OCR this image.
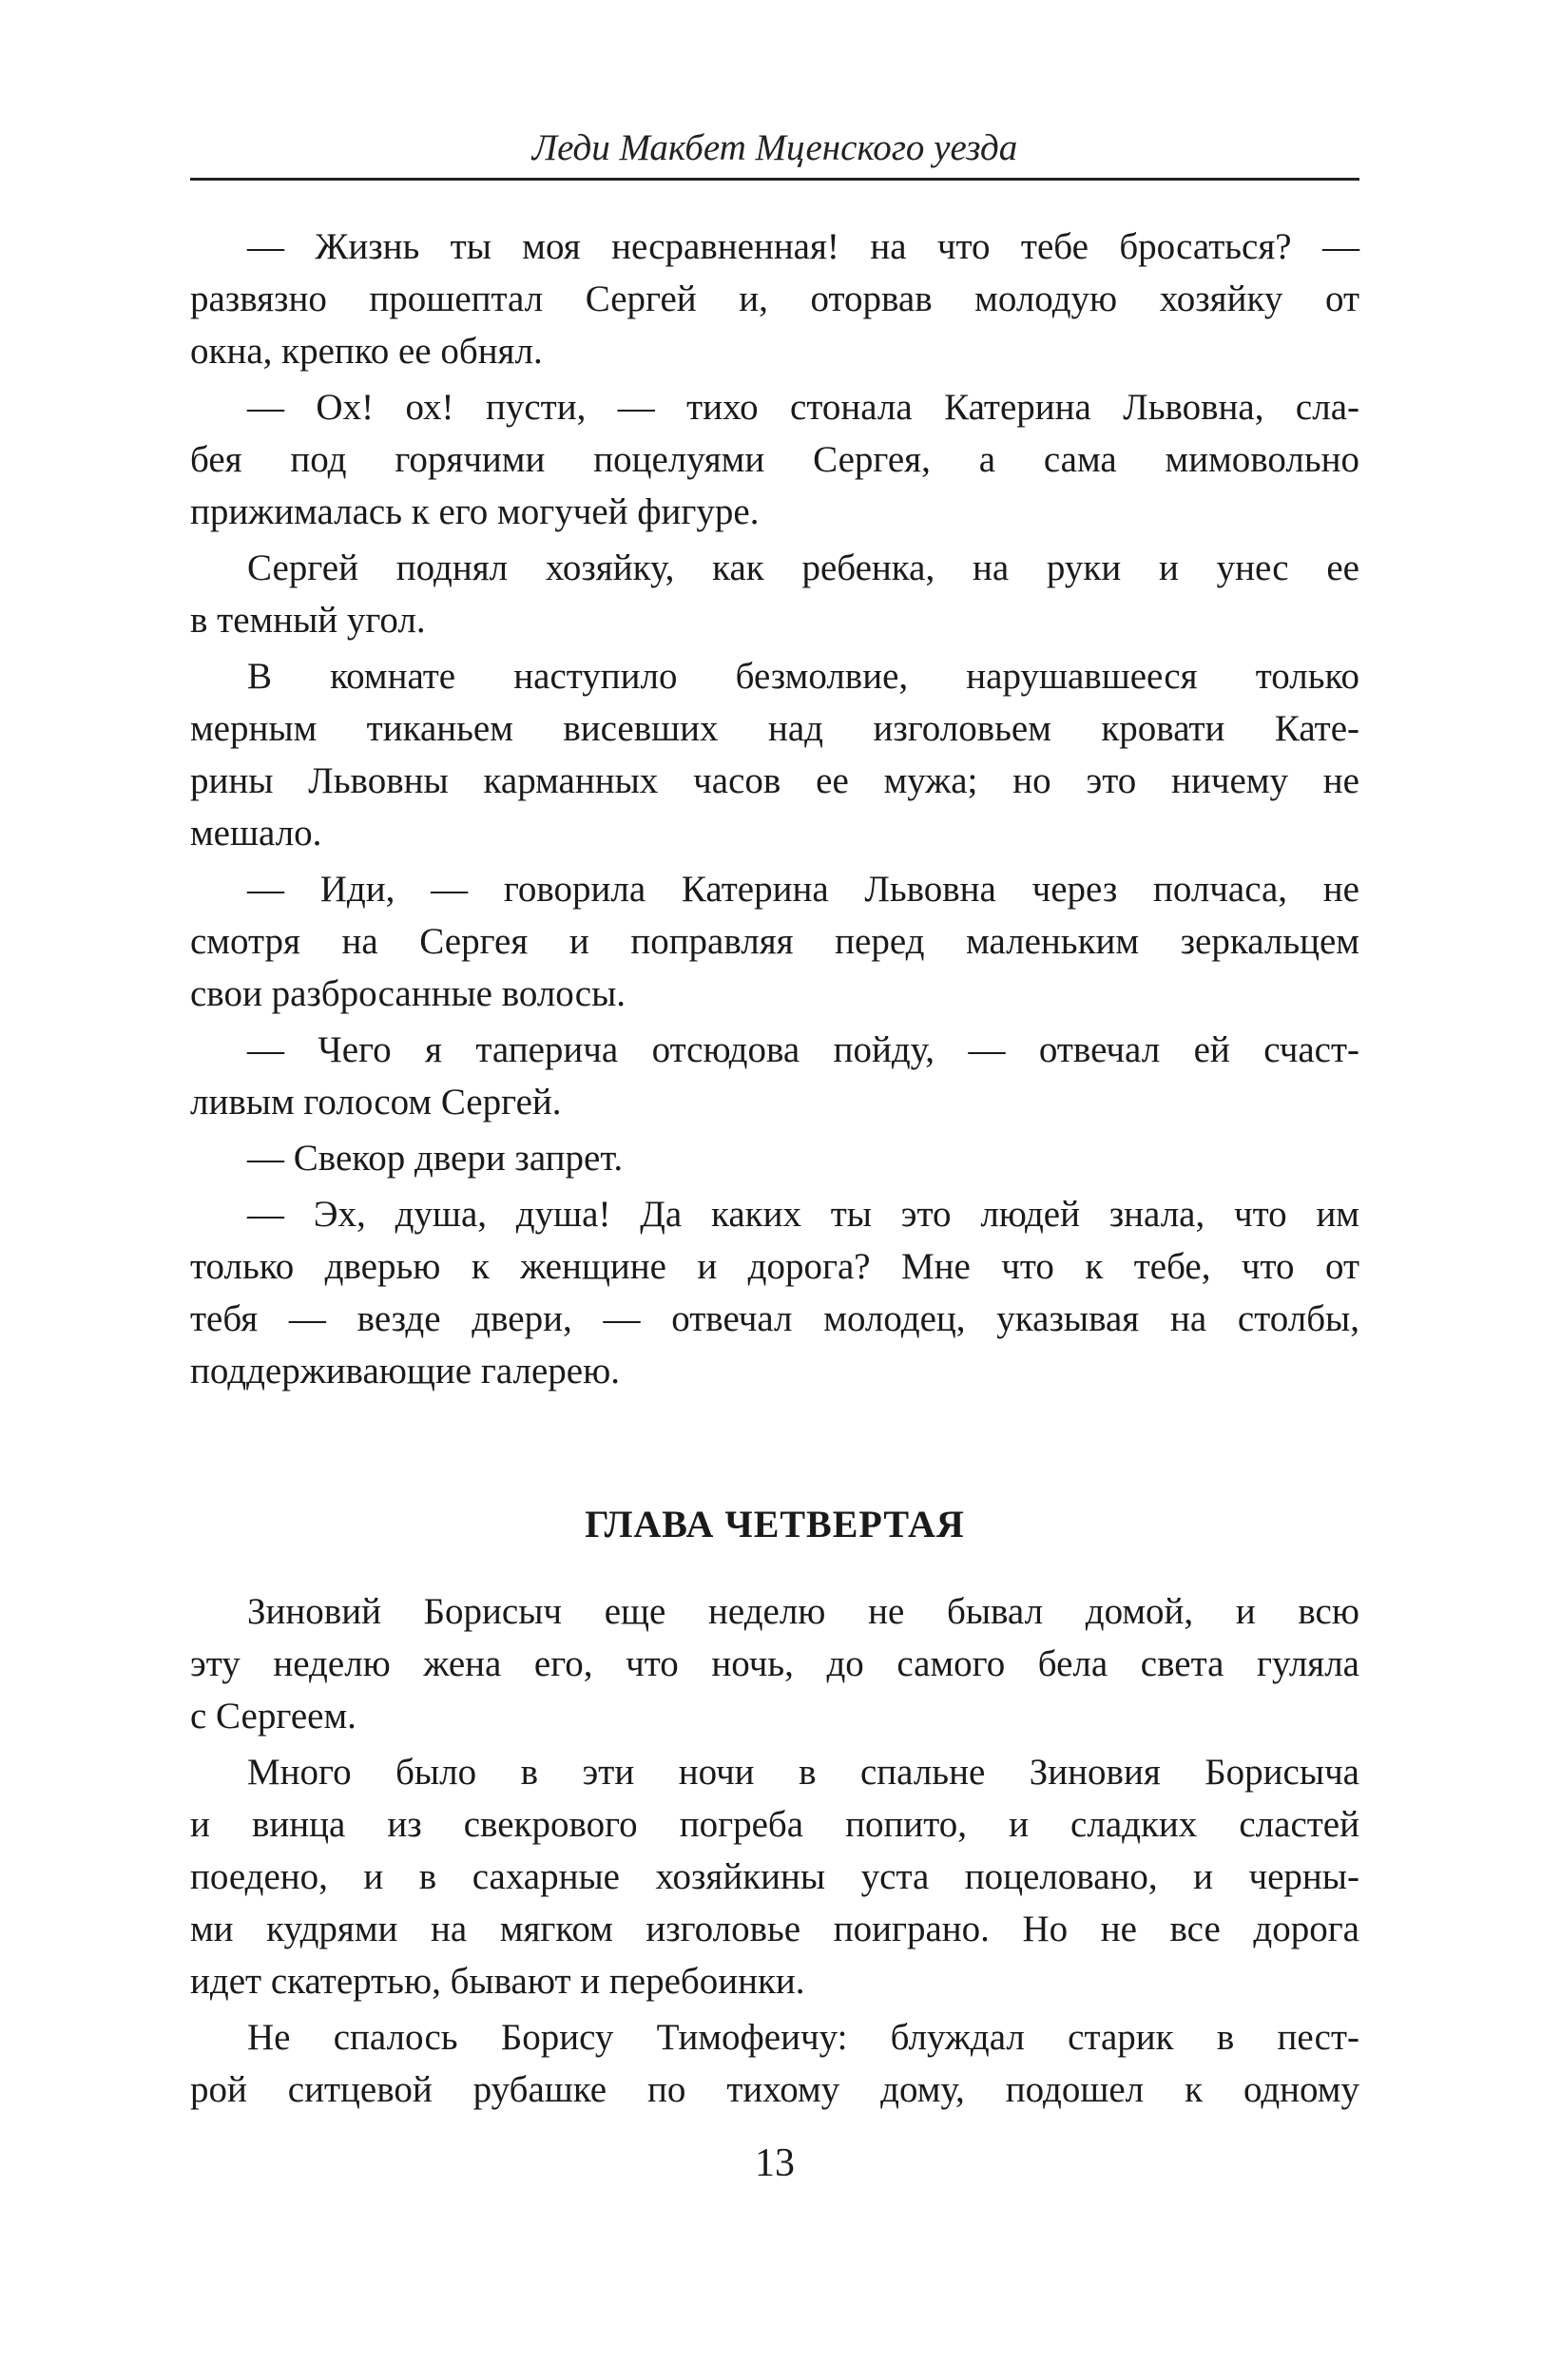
Леди Макбет Мценского уезда
— Жизнь ты моя несравненная! на что тебе бросаться? —
развязно прошептал Сергей и, оторвав молодую хозяйку от
окна, крепко ее обнял.
— Ох! ох! пусти, — тихо стонала Катерина Львовна, сла-
бея под горячими поцелуями Сергея, а сама мимовольно
прижималась к его могучей фигуре.
Сергей поднял хозяйку, как ребенка, на руки и унес ее
в темный угол.
В комнате наступило безмолвие, нарушавшееся только
мерным тиканьем висевших над изголовьем кровати Кате-
рины Львовны карманных часов ее мужа; но это ничему не
мешало.
— Иди, — говорила Катерина Львовна через полчаса, не
смотря на Сергея и поправляя перед маленьким зеркальцем
свои разбросанные волосы.
— Чего я таперича отсюдова пойду, — отвечал ей счаст-
ливым голосом Сергей.
— Свекор двери запрет.
— Эх, душа, душа! Да каких ты это людей знала, что им
только дверью к женщине и дорога? Мне что к тебе, что от
тебя — везде двери, — отвечал молодец, указывая на столбы,
поддерживающие галерею.
ГЛАВА ЧЕТВЕРТАЯ
Зиновий Борисыч еще неделю не бывал домой, и всю
эту неделю жена его, что ночь, до самого бела света гуляла
с Сергеем.
Много было в эти ночи в спальне Зиновия Борисыча
и винца из свекрового погреба попито, и сладких сластей
поедено, и в сахарные хозяйкины уста поцеловано, и черны-
ми кудрями на мягком изголовье поиграно. Но не все дорога
идет скатертью, бывают и перебоинки.
Не спалось Борису Тимофеичу: блуждал старик в пест-
рой ситцевой рубашке по тихому дому, подошел к одному
13
